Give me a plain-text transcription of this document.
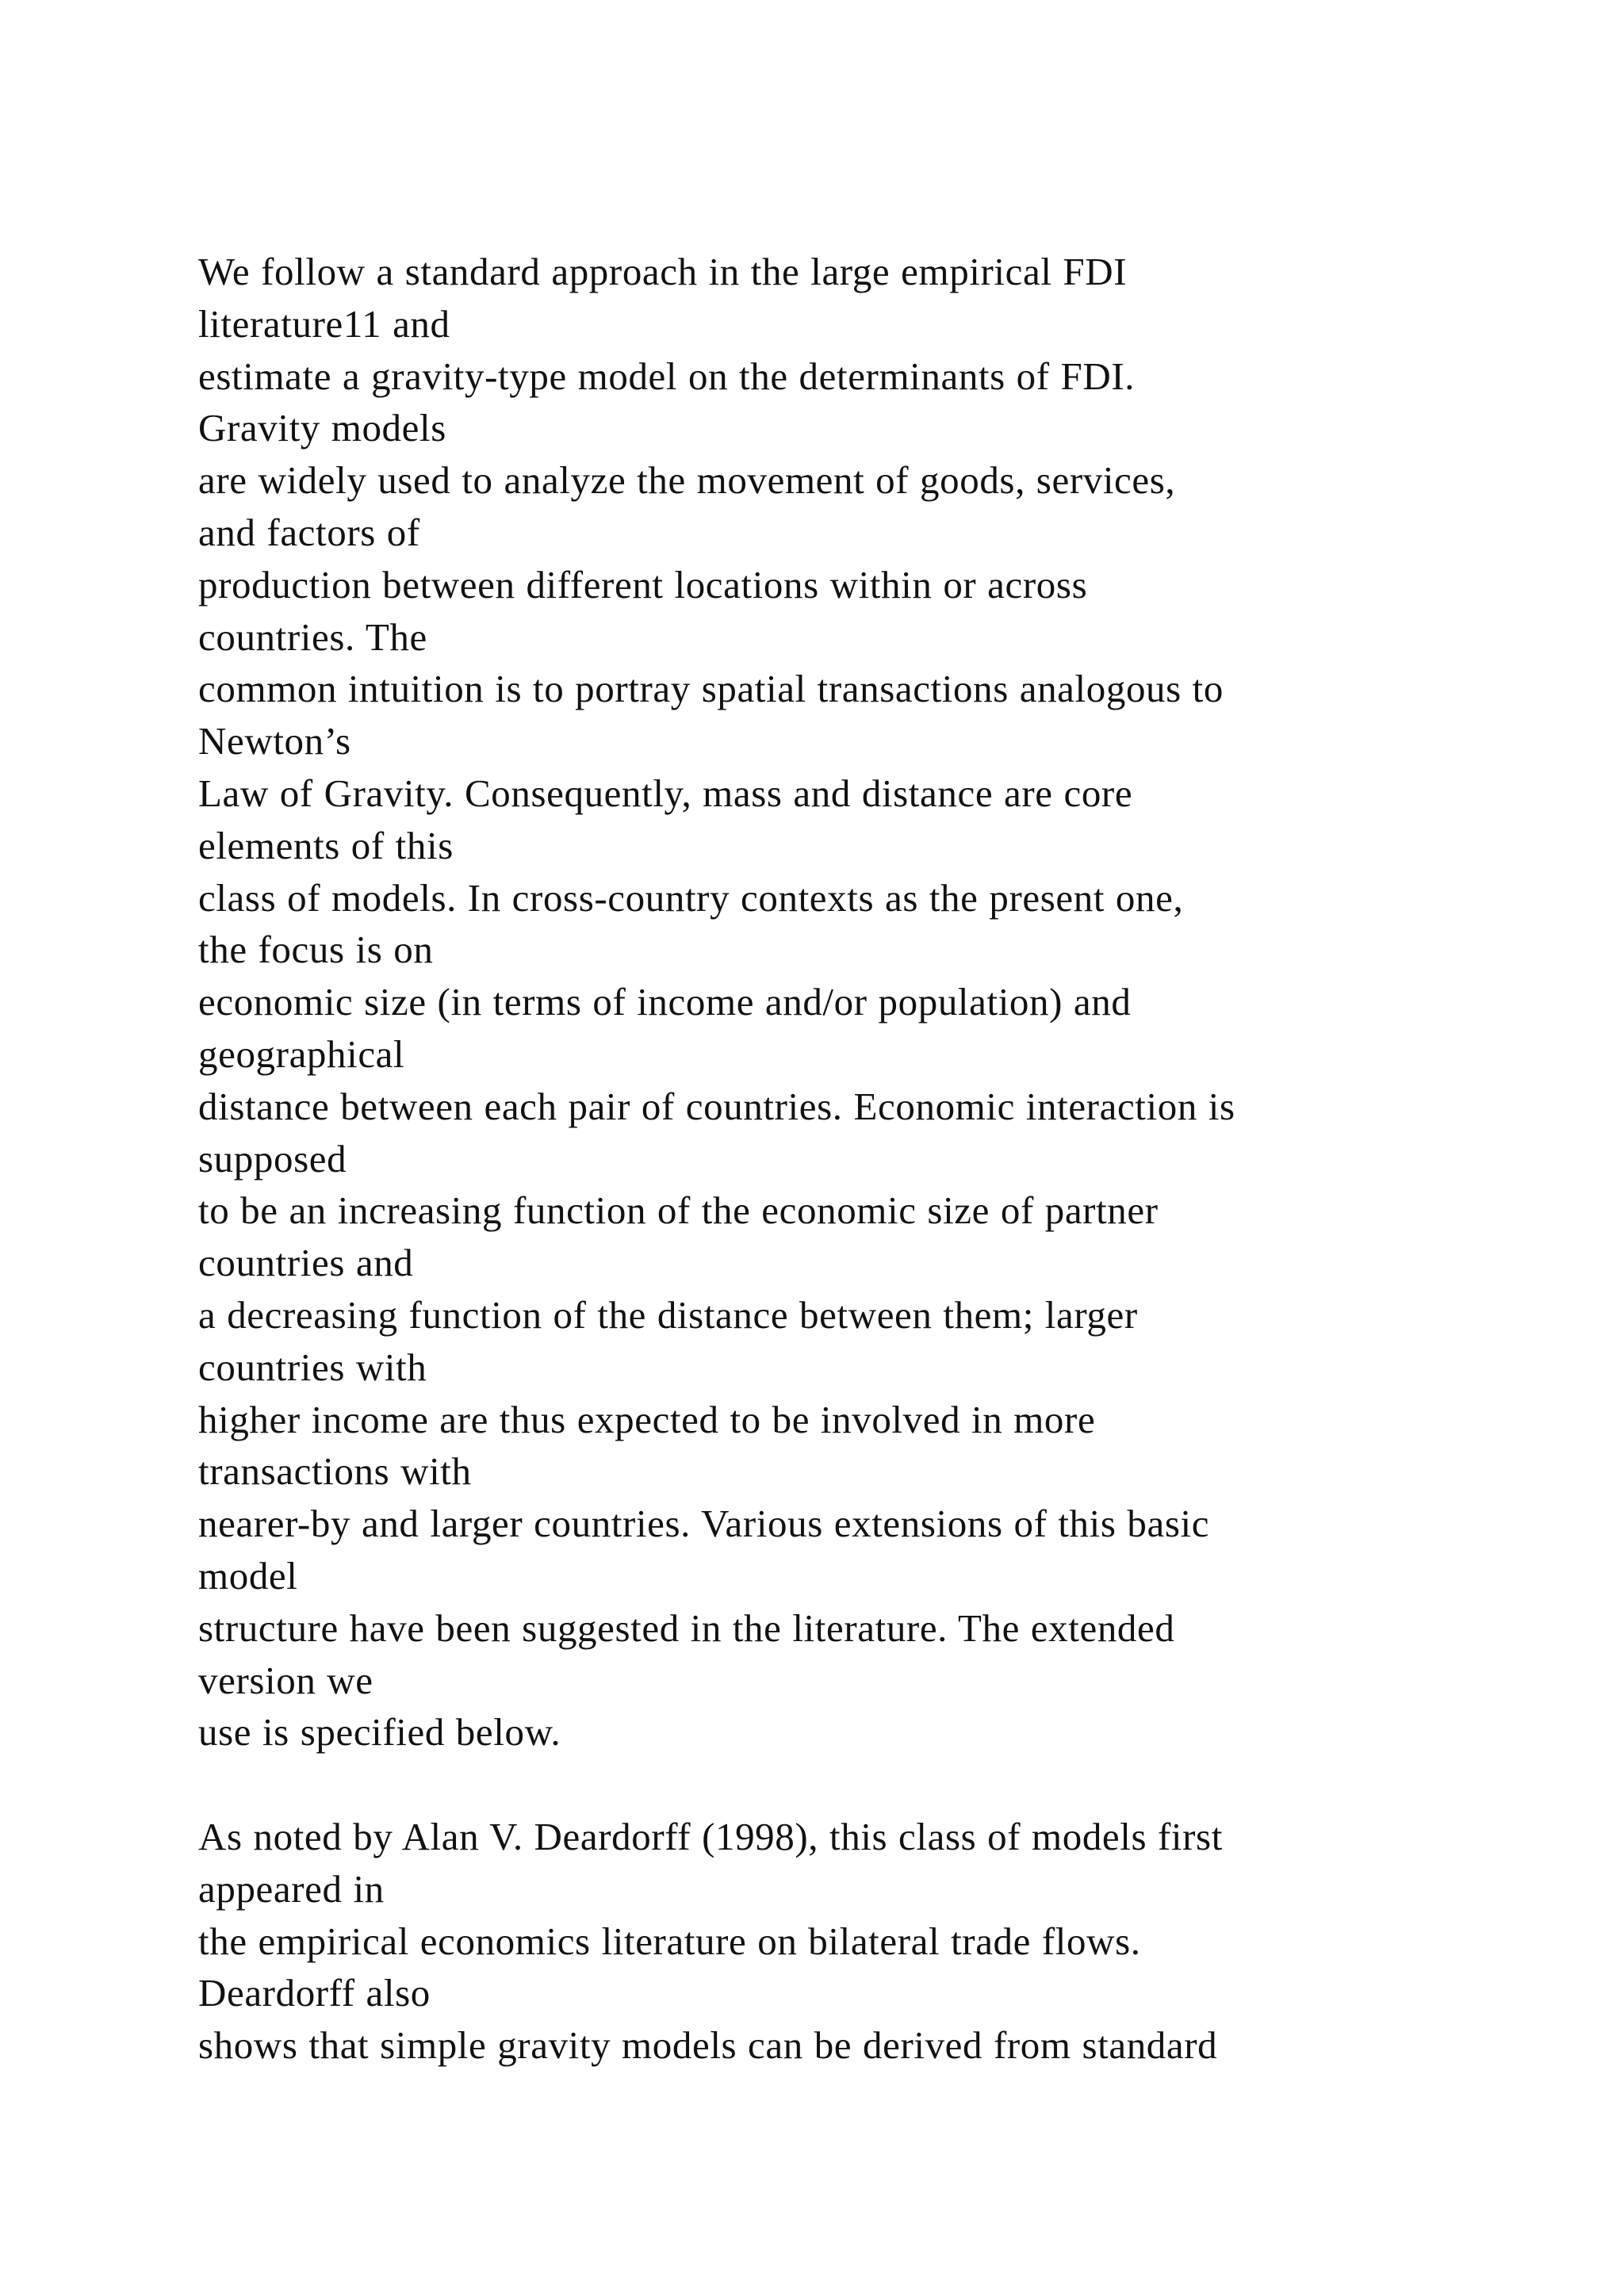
We follow a standard approach in the large empirical FDI
literature11 and
estimate a gravity-type model on the determinants of FDI.
Gravity models
are widely used to analyze the movement of goods, services,
and factors of
production between different locations within or across
countries. The
common intuition is to portray spatial transactions analogous to
Newton’s
Law of Gravity. Consequently, mass and distance are core
elements of this
class of models. In cross-country contexts as the present one,
the focus is on
economic size (in terms of income and/or population) and
geographical
distance between each pair of countries. Economic interaction is
supposed
to be an increasing function of the economic size of partner
countries and
a decreasing function of the distance between them; larger
countries with
higher income are thus expected to be involved in more
transactions with
nearer-by and larger countries. Various extensions of this basic
model
structure have been suggested in the literature. The extended
version we
use is specified below.
As noted by Alan V. Deardorff (1998), this class of models first
appeared in
the empirical economics literature on bilateral trade flows.
Deardorff also
shows that simple gravity models can be derived from standard
